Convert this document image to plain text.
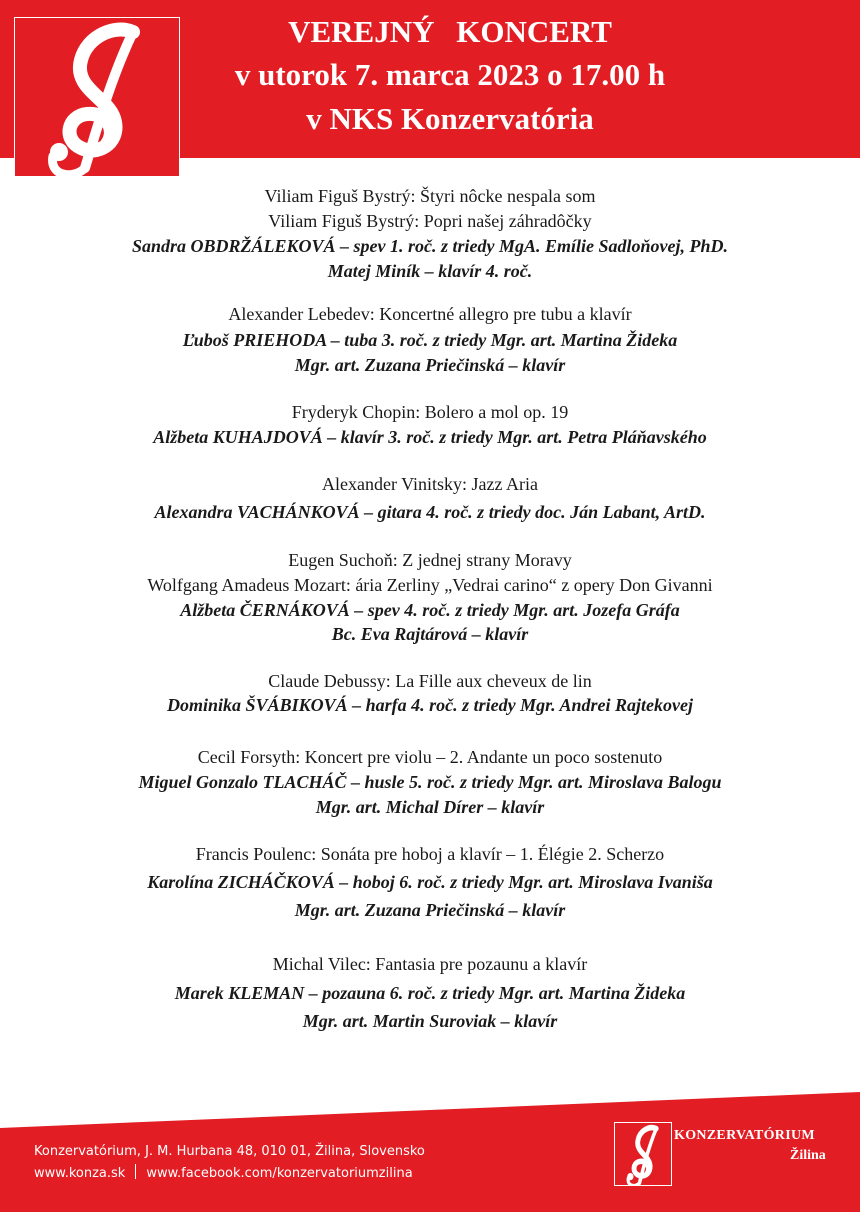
VEREJNÝ KONCERT
v utorok 7. marca 2023 o 17.00 h
v NKS Konzervatória
Viliam Figuš Bystrý: Štyri nôcke nespala som
Viliam Figuš Bystrý: Popri našej záhradôčky
Sandra OBDRŽÁLEKOVÁ – spev 1. roč. z triedy MgA. Emílie Sadloňovej, PhD.
Matej Miník – klavír 4. roč.
Alexander Lebedev: Koncertné allegro pre tubu a klavír
Ľuboš PRIEHODA – tuba 3. roč. z triedy Mgr. art. Martina Žideka
Mgr. art. Zuzana Priečinská – klavír
Fryderyk Chopin: Bolero a mol op. 19
Alžbeta KUHAJDOVÁ – klavír 3. roč. z triedy Mgr. art. Petra Pláňavského
Alexander Vinitsky: Jazz Aria
Alexandra VACHÁNKOVÁ – gitara 4. roč. z triedy doc. Ján Labant, ArtD.
Eugen Suchoň: Z jednej strany Moravy
Wolfgang Amadeus Mozart: ária Zerliny „Vedrai carino“ z opery Don Givanni
Alžbeta ČERNÁKOVÁ – spev 4. roč. z triedy Mgr. art. Jozefa Gráfa
Bc. Eva Rajtárová – klavír
Claude Debussy: La Fille aux cheveux de lin
Dominika ŠVÁBIKOVÁ – harfa 4. roč. z triedy Mgr. Andrei Rajtekovej
Cecil Forsyth: Koncert pre violu – 2. Andante un poco sostenuto
Miguel Gonzalo TLACHÁČ – husle 5. roč. z triedy Mgr. art. Miroslava Balogu
Mgr. art. Michal Dírer – klavír
Francis Poulenc: Sonáta pre hoboj a klavír – 1. Élégie 2. Scherzo
Karolína ZICHÁČKOVÁ – hoboj 6. roč. z triedy Mgr. art. Miroslava Ivaniša
Mgr. art. Zuzana Priečinská – klavír
Michal Vilec: Fantasia pre pozaunu a klavír
Marek KLEMAN – pozauna 6. roč. z triedy Mgr. art. Martina Žideka
Mgr. art. Martin Suroviak – klavír
Konzervatórium, J. M. Hurbana 48, 010 01, Žilina, Slovensko
www.konza.sk www.facebook.com/konzervatoriumzilina
KONZERVATÓRIUM
Žilina
